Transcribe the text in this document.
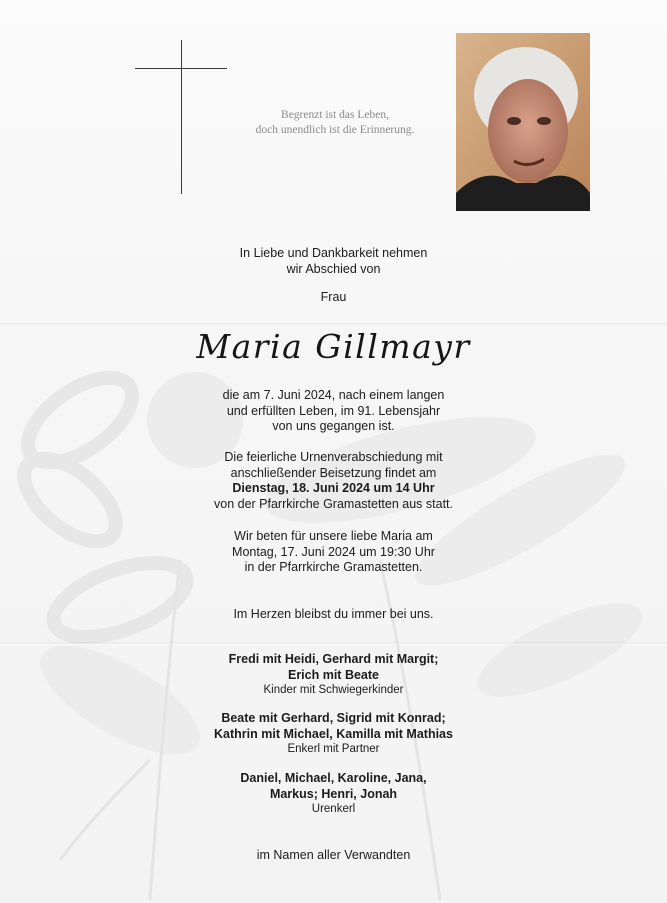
Begrenzt ist das Leben,
doch unendlich ist die Erinnerung.
In Liebe und Dankbarkeit nehmen
wir Abschied von
Frau
Maria Gillmayr
die am 7. Juni 2024, nach einem langen
und erfüllten Leben, im 91. Lebensjahr
von uns gegangen ist.
Die feierliche Urnenverabschiedung mit
anschließender Beisetzung findet am
Dienstag, 18. Juni 2024 um 14 Uhr
von der Pfarrkirche Gramastetten aus statt.
Wir beten für unsere liebe Maria am
Montag, 17. Juni 2024 um 19:30 Uhr
in der Pfarrkirche Gramastetten.
Im Herzen bleibst du immer bei uns.
Fredi mit Heidi, Gerhard mit Margit;
Erich mit Beate
Kinder mit Schwiegerkinder
Beate mit Gerhard, Sigrid mit Konrad;
Kathrin mit Michael, Kamilla mit Mathias
Enkerl mit Partner
Daniel, Michael, Karoline, Jana,
Markus; Henri, Jonah
Urenkerl
im Namen aller Verwandten
